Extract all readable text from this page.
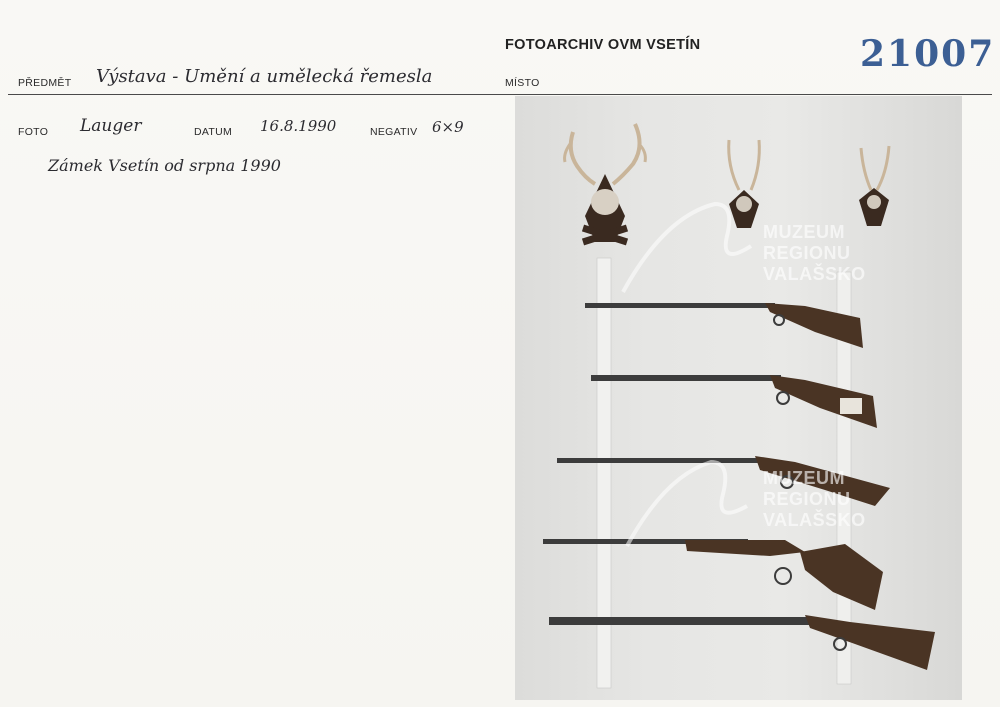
FOTOARCHIV OVM VSETÍN	21007
PŘEDMĚT Výstava - Umění a umělecká řemesla	MÍSTO
FOTO Lauger	DATUM 16.8.1990	NEGATIV 6×9
Zámek Vsetín od srpna 1990
MUZEUM
REGIONU
VALAŠSKO
MUZEUM
REGIONU
VALAŠSKO
